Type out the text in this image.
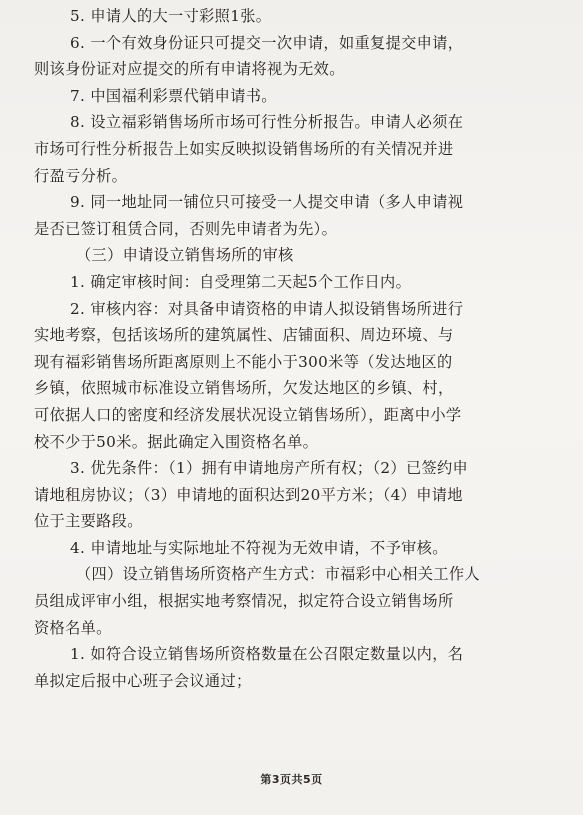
5. 申请人的大一寸彩照1张。
6. 一个有效身份证只可提交一次申请，如重复提交申请，
则该身份证对应提交的所有申请将视为无效。
7. 中国福利彩票代销申请书。
8. 设立福彩销售场所市场可行性分析报告。申请人必须在
市场可行性分析报告上如实反映拟设销售场所的有关情况并进
行盈亏分析。
9. 同一地址同一铺位只可接受一人提交申请（多人申请视
是否已签订租赁合同，否则先申请者为先）。
（三）申请设立销售场所的审核
1. 确定审核时间：自受理第二天起5个工作日内。
2. 审核内容：对具备申请资格的申请人拟设销售场所进行
实地考察，包括该场所的建筑属性、店铺面积、周边环境、与
现有福彩销售场所距离原则上不能小于300米等（发达地区的
乡镇，依照城市标准设立销售场所，欠发达地区的乡镇、村，
可依据人口的密度和经济发展状况设立销售场所），距离中小学
校不少于50米。据此确定入围资格名单。
3. 优先条件：（1）拥有申请地房产所有权；（2）已签约申
请地租房协议；（3）申请地的面积达到20平方米；（4）申请地
位于主要路段。
4. 申请地址与实际地址不符视为无效申请，不予审核。
（四）设立销售场所资格产生方式：市福彩中心相关工作人
员组成评审小组，根据实地考察情况，拟定符合设立销售场所
资格名单。
1. 如符合设立销售场所资格数量在公召限定数量以内，名
单拟定后报中心班子会议通过；
第3页共5页
